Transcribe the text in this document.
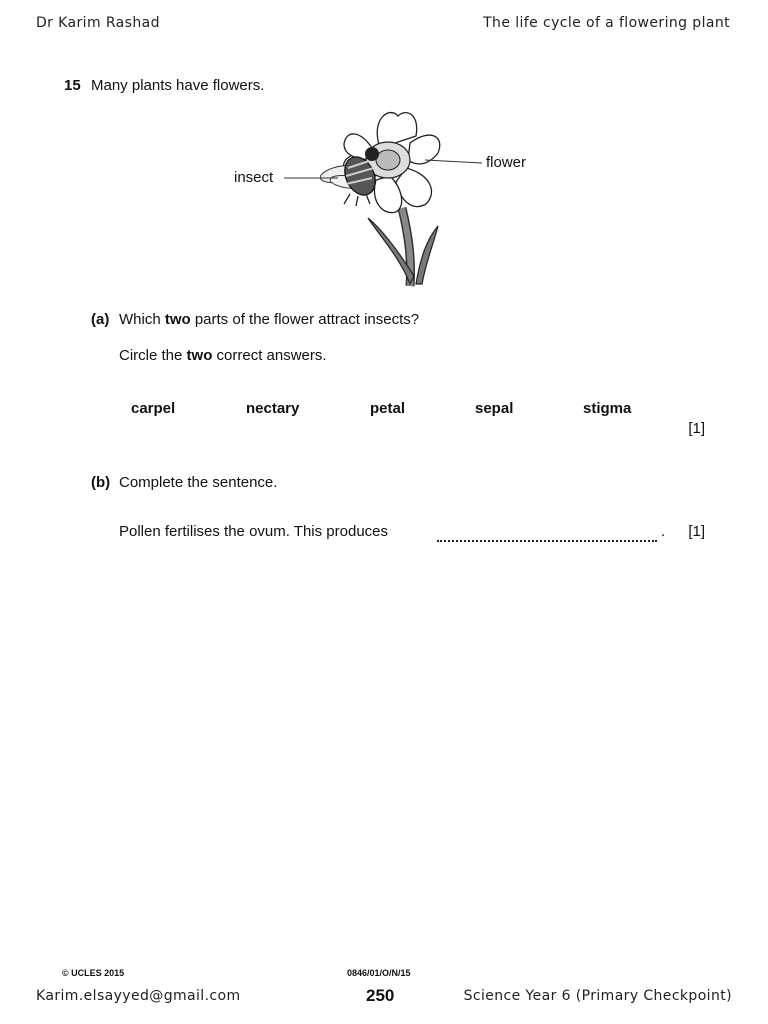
Dr Karim Rashad	The life cycle of a flowering plant
15 Many plants have flowers.
insect
flower
(a) Which two parts of the flower attract insects?
Circle the two correct answers.
carpel	nectary	petal	sepal	stigma
[1]
(b) Complete the sentence.
Pollen fertilises the ovum. This produces	. [1]
© UCLES 2015	0846/01/O/N/15
Karim.elsayyed@gmail.com	250	Science Year 6 (Primary Checkpoint)
